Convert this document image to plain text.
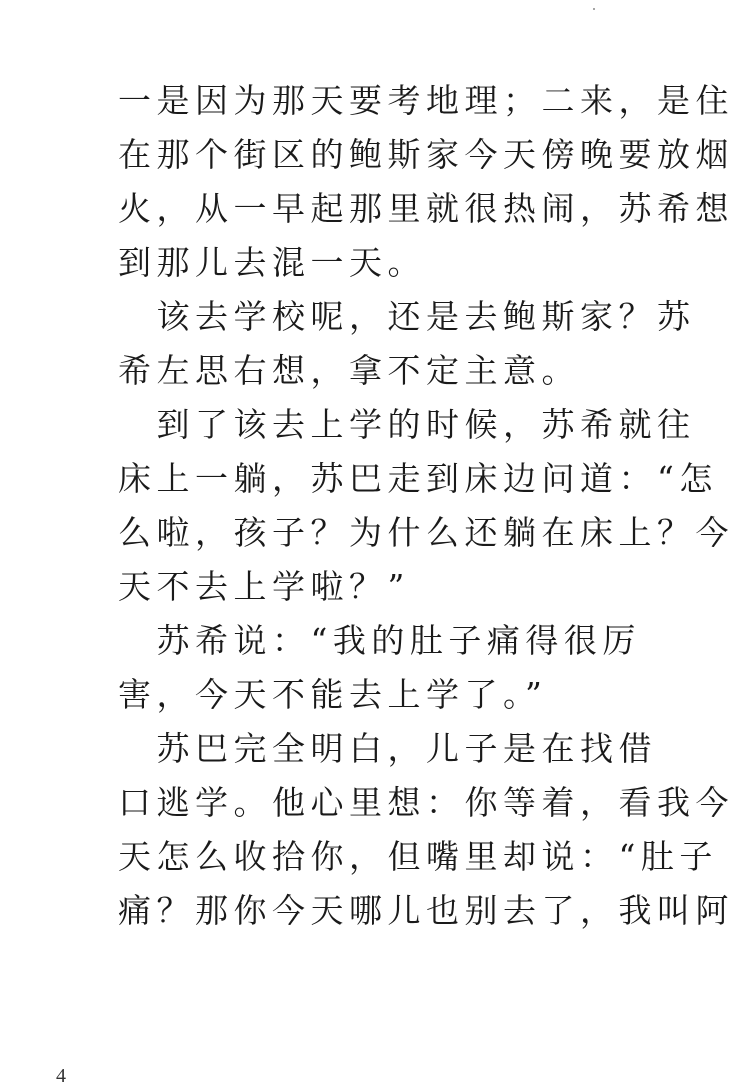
一是因为那天要考地理；二来，是住
在那个街区的鲍斯家今天傍晚要放烟
火，从一早起那里就很热闹，苏希想
到那儿去混一天。
　该去学校呢，还是去鲍斯家？苏
希左思右想，拿不定主意。
　到了该去上学的时候，苏希就往
床上一躺，苏巴走到床边问道：“怎
么啦，孩子？为什么还躺在床上？今
天不去上学啦？”
　苏希说：“我的肚子痛得很厉
害，今天不能去上学了。”
　苏巴完全明白，儿子是在找借
口逃学。他心里想：你等着，看我今
天怎么收拾你，但嘴里却说：“肚子
痛？那你今天哪儿也别去了，我叫阿
4
